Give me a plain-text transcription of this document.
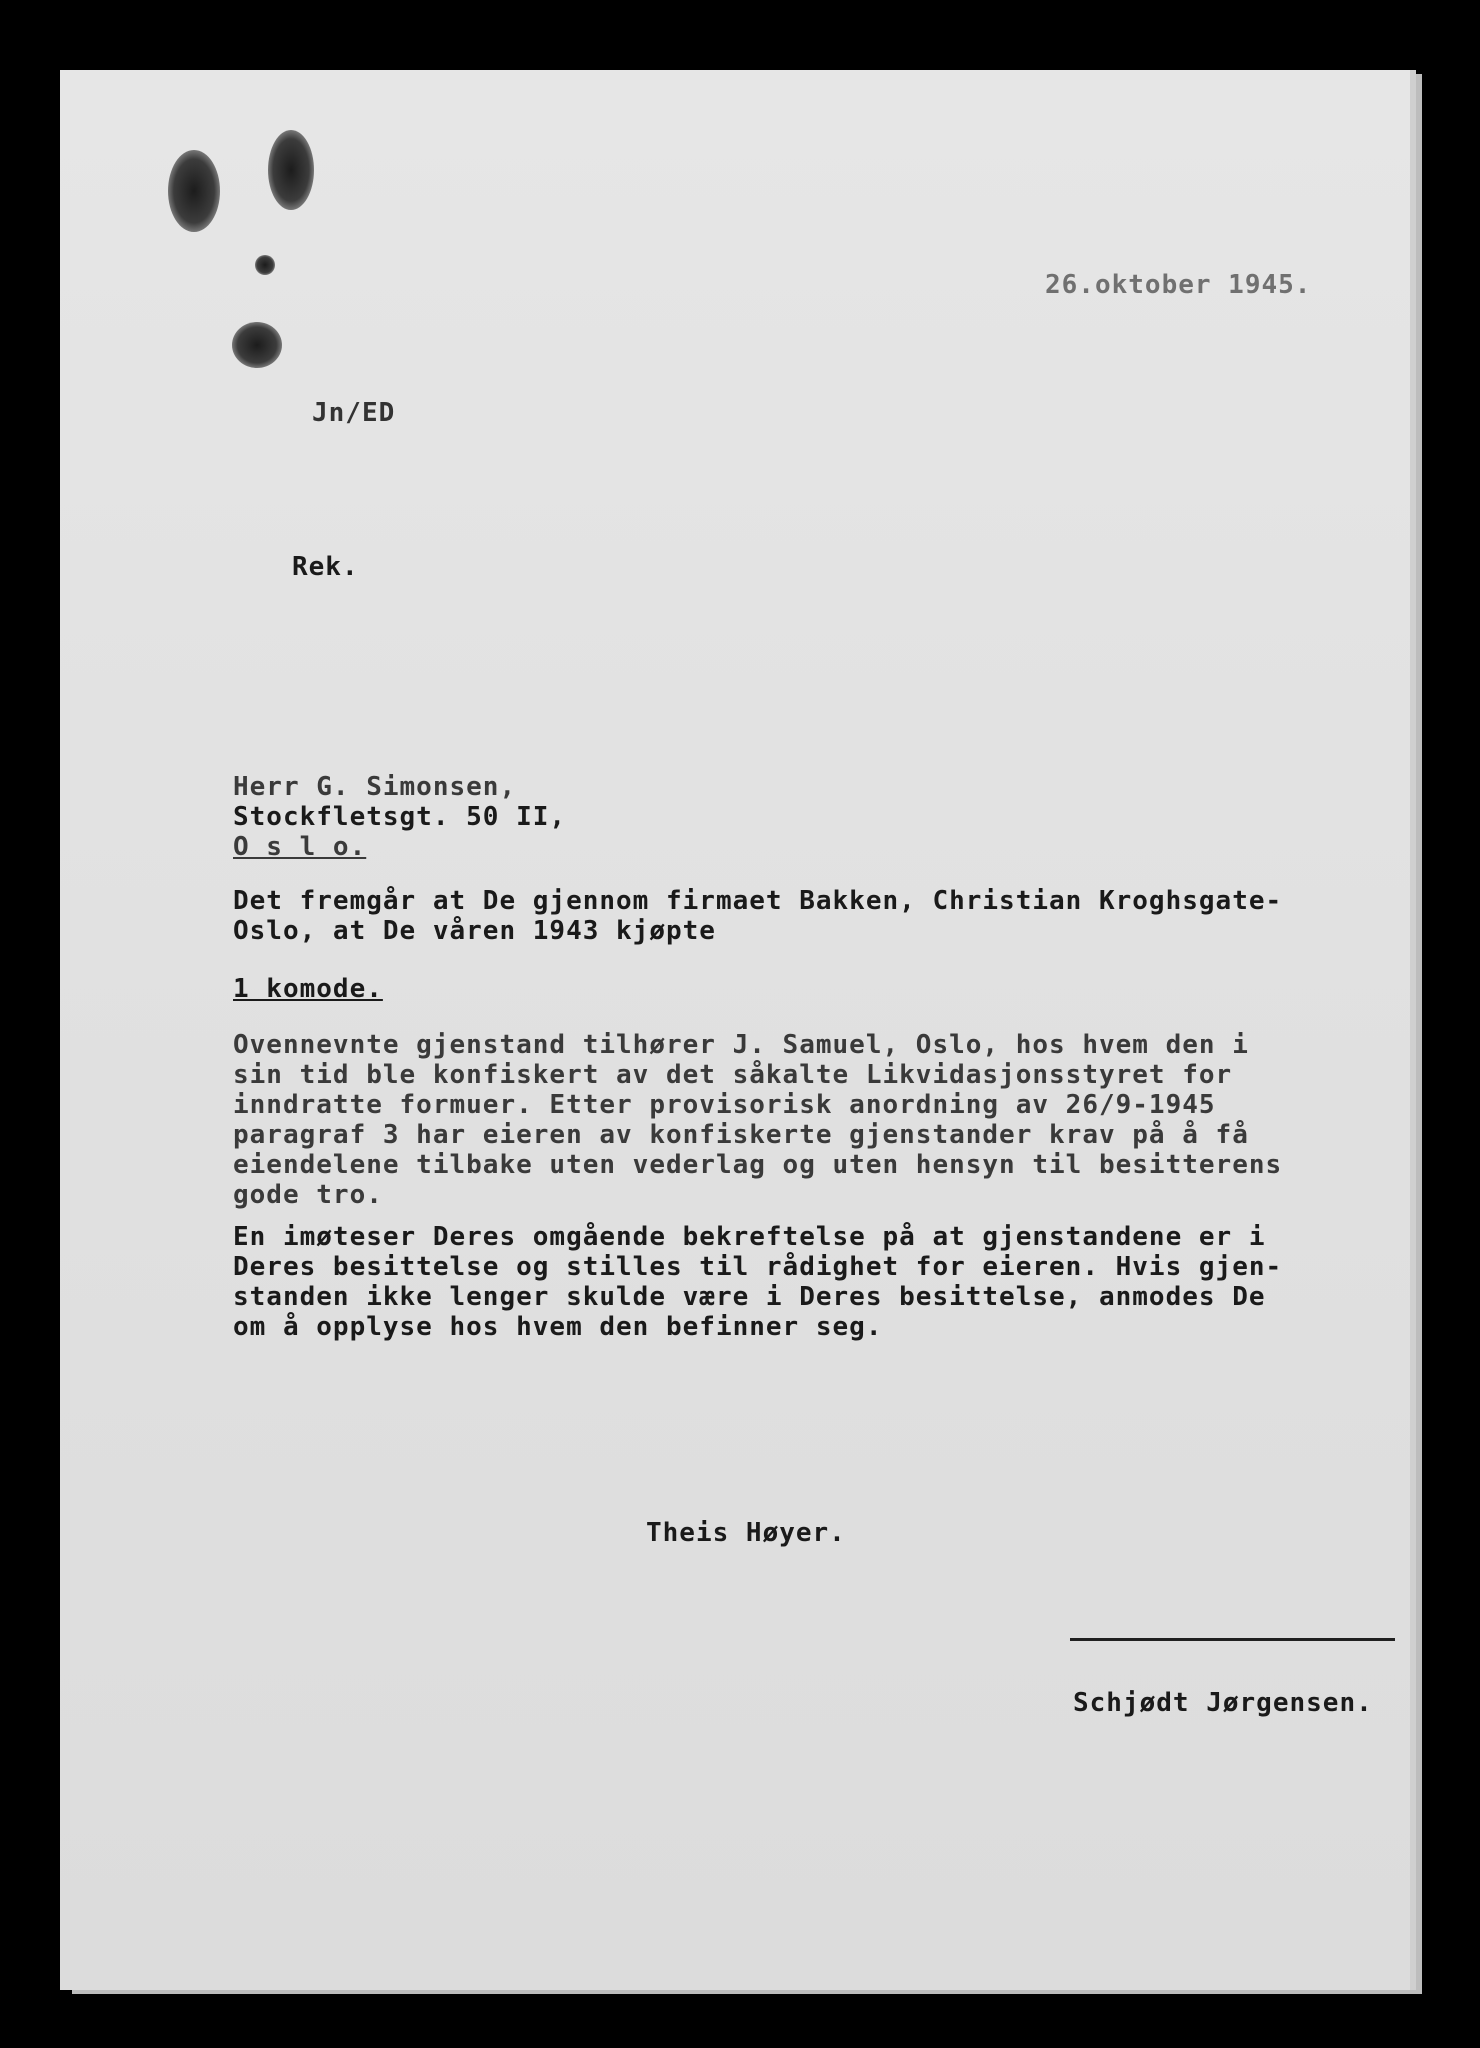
26.oktober 1945.
Jn/ED
Rek.
Herr G. Simonsen,
Stockfletsgt. 50 II,
O s l o.
Det fremgår at De gjennom firmaet Bakken, Christian Kroghsgate-
Oslo, at De våren 1943 kjøpte
1 komode.
Ovennevnte gjenstand tilhører J. Samuel, Oslo, hos hvem den i
sin tid ble konfiskert av det såkalte Likvidasjonsstyret for
inndratte formuer. Etter provisorisk anordning av 26/9-1945
paragraf 3 har eieren av konfiskerte gjenstander krav på å få
eiendelene tilbake uten vederlag og uten hensyn til besitterens
gode tro.
En imøteser Deres omgående bekreftelse på at gjenstandene er i
Deres besittelse og stilles til rådighet for eieren. Hvis gjen-
standen ikke lenger skulde være i Deres besittelse, anmodes De
om å opplyse hos hvem den befinner seg.
Theis Høyer.
Schjødt Jørgensen.
